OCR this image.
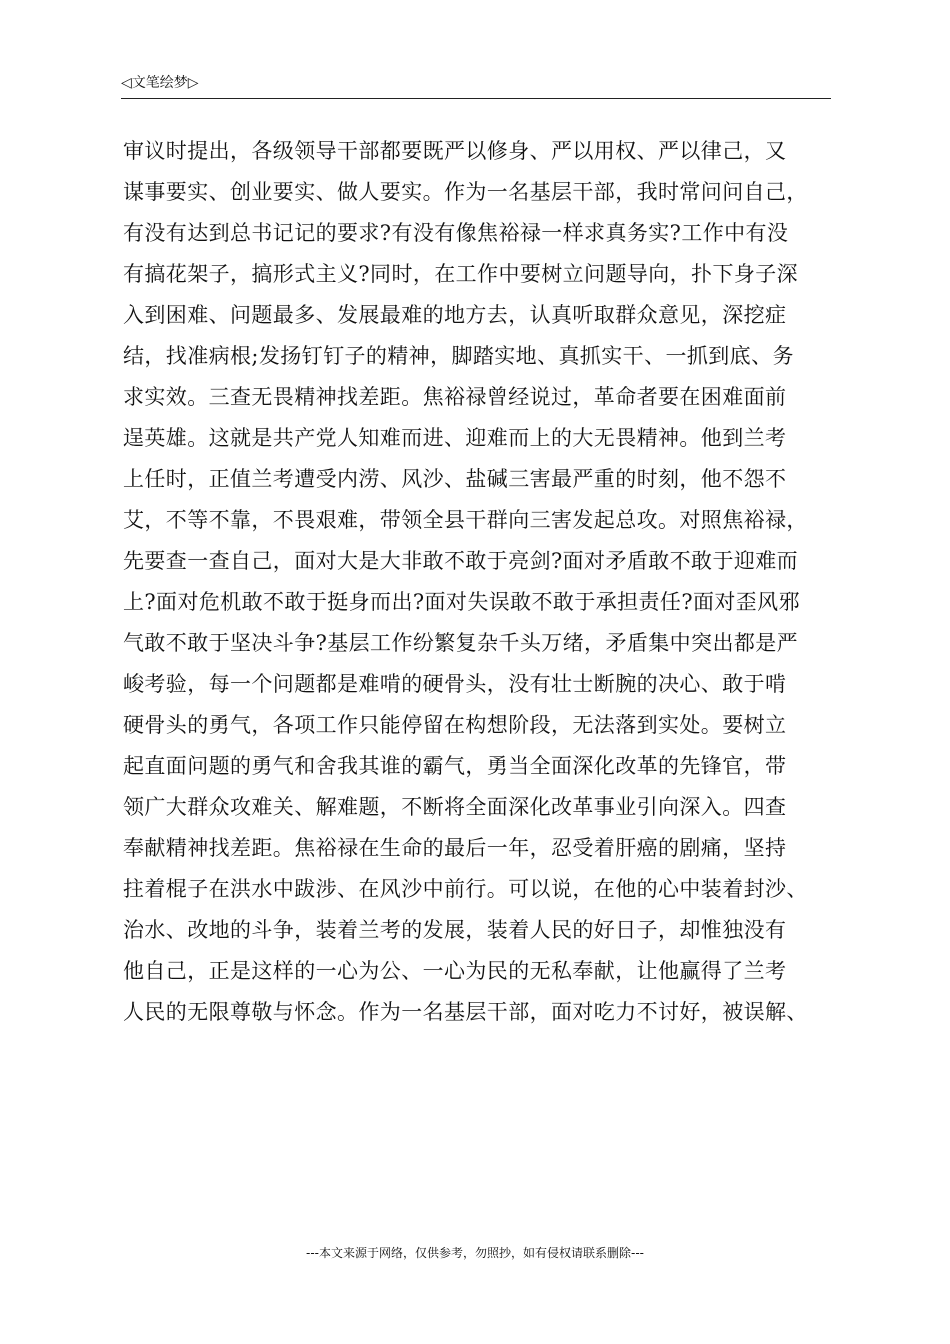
◁文笔绘梦▷
审议时提出，各级领导干部都要既严以修身、严以用权、严以律己，又
谋事要实、创业要实、做人要实。作为一名基层干部，我时常问问自己，
有没有达到总书记记的要求?有没有像焦裕禄一样求真务实?工作中有没
有搞花架子，搞形式主义?同时，在工作中要树立问题导向，扑下身子深
入到困难、问题最多、发展最难的地方去，认真听取群众意见，深挖症
结，找准病根;发扬钉钉子的精神，脚踏实地、真抓实干、一抓到底、务
求实效。三查无畏精神找差距。焦裕禄曾经说过，革命者要在困难面前
逞英雄。这就是共产党人知难而进、迎难而上的大无畏精神。他到兰考
上任时，正值兰考遭受内涝、风沙、盐碱三害最严重的时刻，他不怨不
艾，不等不靠，不畏艰难，带领全县干群向三害发起总攻。对照焦裕禄，
先要查一查自己，面对大是大非敢不敢于亮剑?面对矛盾敢不敢于迎难而
上?面对危机敢不敢于挺身而出?面对失误敢不敢于承担责任?面对歪风邪
气敢不敢于坚决斗争?基层工作纷繁复杂千头万绪，矛盾集中突出都是严
峻考验，每一个问题都是难啃的硬骨头，没有壮士断腕的决心、敢于啃
硬骨头的勇气，各项工作只能停留在构想阶段，无法落到实处。要树立
起直面问题的勇气和舍我其谁的霸气，勇当全面深化改革的先锋官，带
领广大群众攻难关、解难题，不断将全面深化改革事业引向深入。四查
奉献精神找差距。焦裕禄在生命的最后一年，忍受着肝癌的剧痛，坚持
拄着棍子在洪水中跋涉、在风沙中前行。可以说，在他的心中装着封沙、
治水、改地的斗争，装着兰考的发展，装着人民的好日子，却惟独没有
他自己，正是这样的一心为公、一心为民的无私奉献，让他赢得了兰考
人民的无限尊敬与怀念。作为一名基层干部，面对吃力不讨好，被误解、
---本文来源于网络，仅供参考，勿照抄，如有侵权请联系删除---
